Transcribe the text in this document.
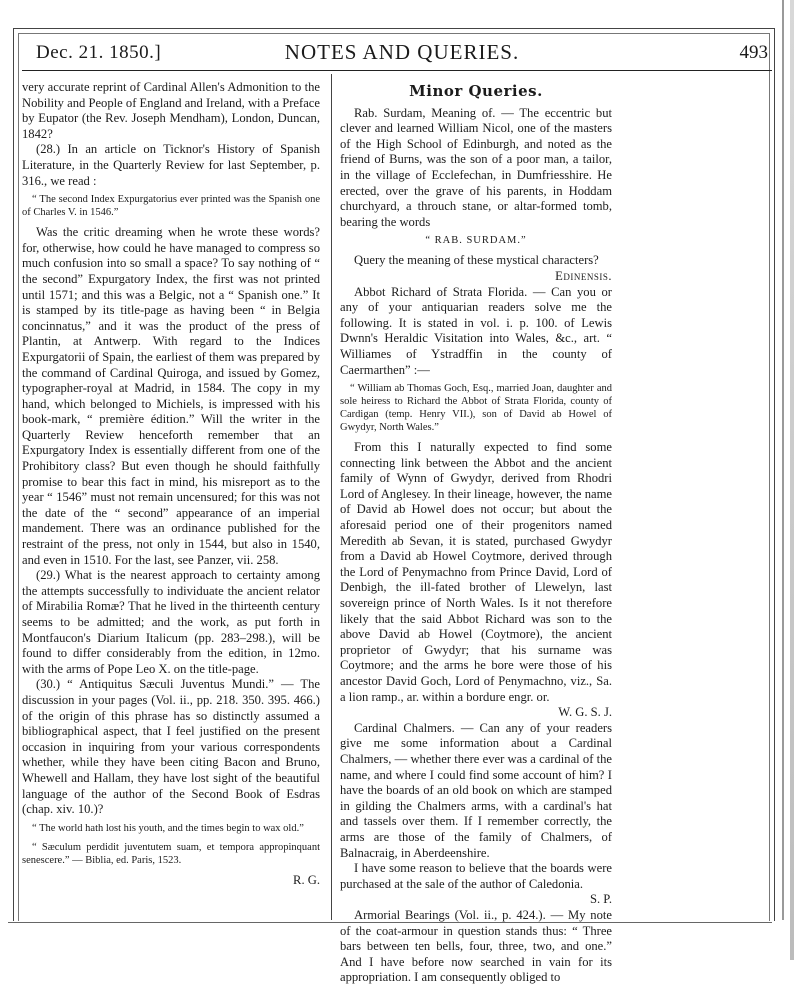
Dec. 21. 1850.]	NOTES AND QUERIES.	493

very accurate reprint of Cardinal Allen's Admonition to the Nobility and People of England and Ireland, with a Preface by Eupator (the Rev. Joseph Mendham), London, Duncan, 1842?

(28.) In an article on Ticknor's History of Spanish Literature, in the Quarterly Review for last September, p. 316., we read :

“ The second Index Expurgatorius ever printed was the Spanish one of Charles V. in 1546.”

Was the critic dreaming when he wrote these words? for, otherwise, how could he have managed to compress so much confusion into so small a space? To say nothing of “ the second” Expurgatory Index, the first was not printed until 1571; and this was a Belgic, not a “ Spanish one.” It is stamped by its title-page as having been “ in Belgia concinnatus,” and it was the product of the press of Plantin, at Antwerp. With regard to the Indices Expurgatorii of Spain, the earliest of them was prepared by the command of Cardinal Quiroga, and issued by Gomez, typographer-royal at Madrid, in 1584. The copy in my hand, which belonged to Michiels, is impressed with his book-mark, “ première édition.” Will the writer in the Quarterly Review henceforth remember that an Expurgatory Index is essentially different from one of the Prohibitory class? But even though he should faithfully promise to bear this fact in mind, his misreport as to the year “ 1546” must not remain uncensured; for this was not the date of the “ second” appearance of an imperial mandement. There was an ordinance published for the restraint of the press, not only in 1544, but also in 1540, and even in 1510. For the last, see Panzer, vii. 258.

(29.) What is the nearest approach to certainty among the attempts successfully to individuate the ancient relator of Mirabilia Romæ? That he lived in the thirteenth century seems to be admitted; and the work, as put forth in Montfaucon's Diarium Italicum (pp. 283–298.), will be found to differ considerably from the edition, in 12mo. with the arms of Pope Leo X. on the title-page.

(30.) “ Antiquitus Sæculi Juventus Mundi.” — The discussion in your pages (Vol. ii., pp. 218. 350. 395. 466.) of the origin of this phrase has so distinctly assumed a bibliographical aspect, that I feel justified on the present occasion in inquiring from your various correspondents whether, while they have been citing Bacon and Bruno, Whewell and Hallam, they have lost sight of the beautiful language of the author of the Second Book of Esdras (chap. xiv. 10.)?

“ The world hath lost his youth, and the times begin to wax old.”

“ Sæculum perdidit juventutem suam, et tempora appropinquant senescere.” — Biblia, ed. Paris, 1523.

R. G.

Minor Queries.

Rab. Surdam, Meaning of. — The eccentric but clever and learned William Nicol, one of the masters of the High School of Edinburgh, and noted as the friend of Burns, was the son of a poor man, a tailor, in the village of Ecclefechan, in Dumfriesshire. He erected, over the grave of his parents, in Hoddam churchyard, a throuch stane, or altar-formed tomb, bearing the words

“ RAB. SURDAM.”

Query the meaning of these mystical characters?

Edinensis.

Abbot Richard of Strata Florida. — Can you or any of your antiquarian readers solve me the following. It is stated in vol. i. p. 100. of Lewis Dwnn's Heraldic Visitation into Wales, &c., art. “ Williames of Ystradffin in the county of Caermarthen” :—

“ William ab Thomas Goch, Esq., married Joan, daughter and sole heiress to Richard the Abbot of Strata Florida, county of Cardigan (temp. Henry VII.), son of David ab Howel of Gwydyr, North Wales.”

From this I naturally expected to find some connecting link between the Abbot and the ancient family of Wynn of Gwydyr, derived from Rhodri Lord of Anglesey. In their lineage, however, the name of David ab Howel does not occur; but about the aforesaid period one of their progenitors named Meredith ab Sevan, it is stated, purchased Gwydyr from a David ab Howel Coytmore, derived through the Lord of Penymachno from Prince David, Lord of Denbigh, the ill-fated brother of Llewelyn, last sovereign prince of North Wales. Is it not therefore likely that the said Abbot Richard was son to the above David ab Howel (Coytmore), the ancient proprietor of Gwydyr; that his surname was Coytmore; and the arms he bore were those of his ancestor David Goch, Lord of Penymachno, viz., Sa. a lion ramp., ar. within a bordure engr. or.

W. G. S. J.

Cardinal Chalmers. — Can any of your readers give me some information about a Cardinal Chalmers, — whether there ever was a cardinal of the name, and where I could find some account of him? I have the boards of an old book on which are stamped in gilding the Chalmers arms, with a cardinal's hat and tassels over them. If I remember correctly, the arms are those of the family of Chalmers, of Balnacraig, in Aberdeenshire.

I have some reason to believe that the boards were purchased at the sale of the author of Caledonia.

S. P.

Armorial Bearings (Vol. ii., p. 424.). — My note of the coat-armour in question stands thus: “ Three bars between ten bells, four, three, two, and one.” And I have before now searched in vain for its appropriation. I am consequently obliged to
